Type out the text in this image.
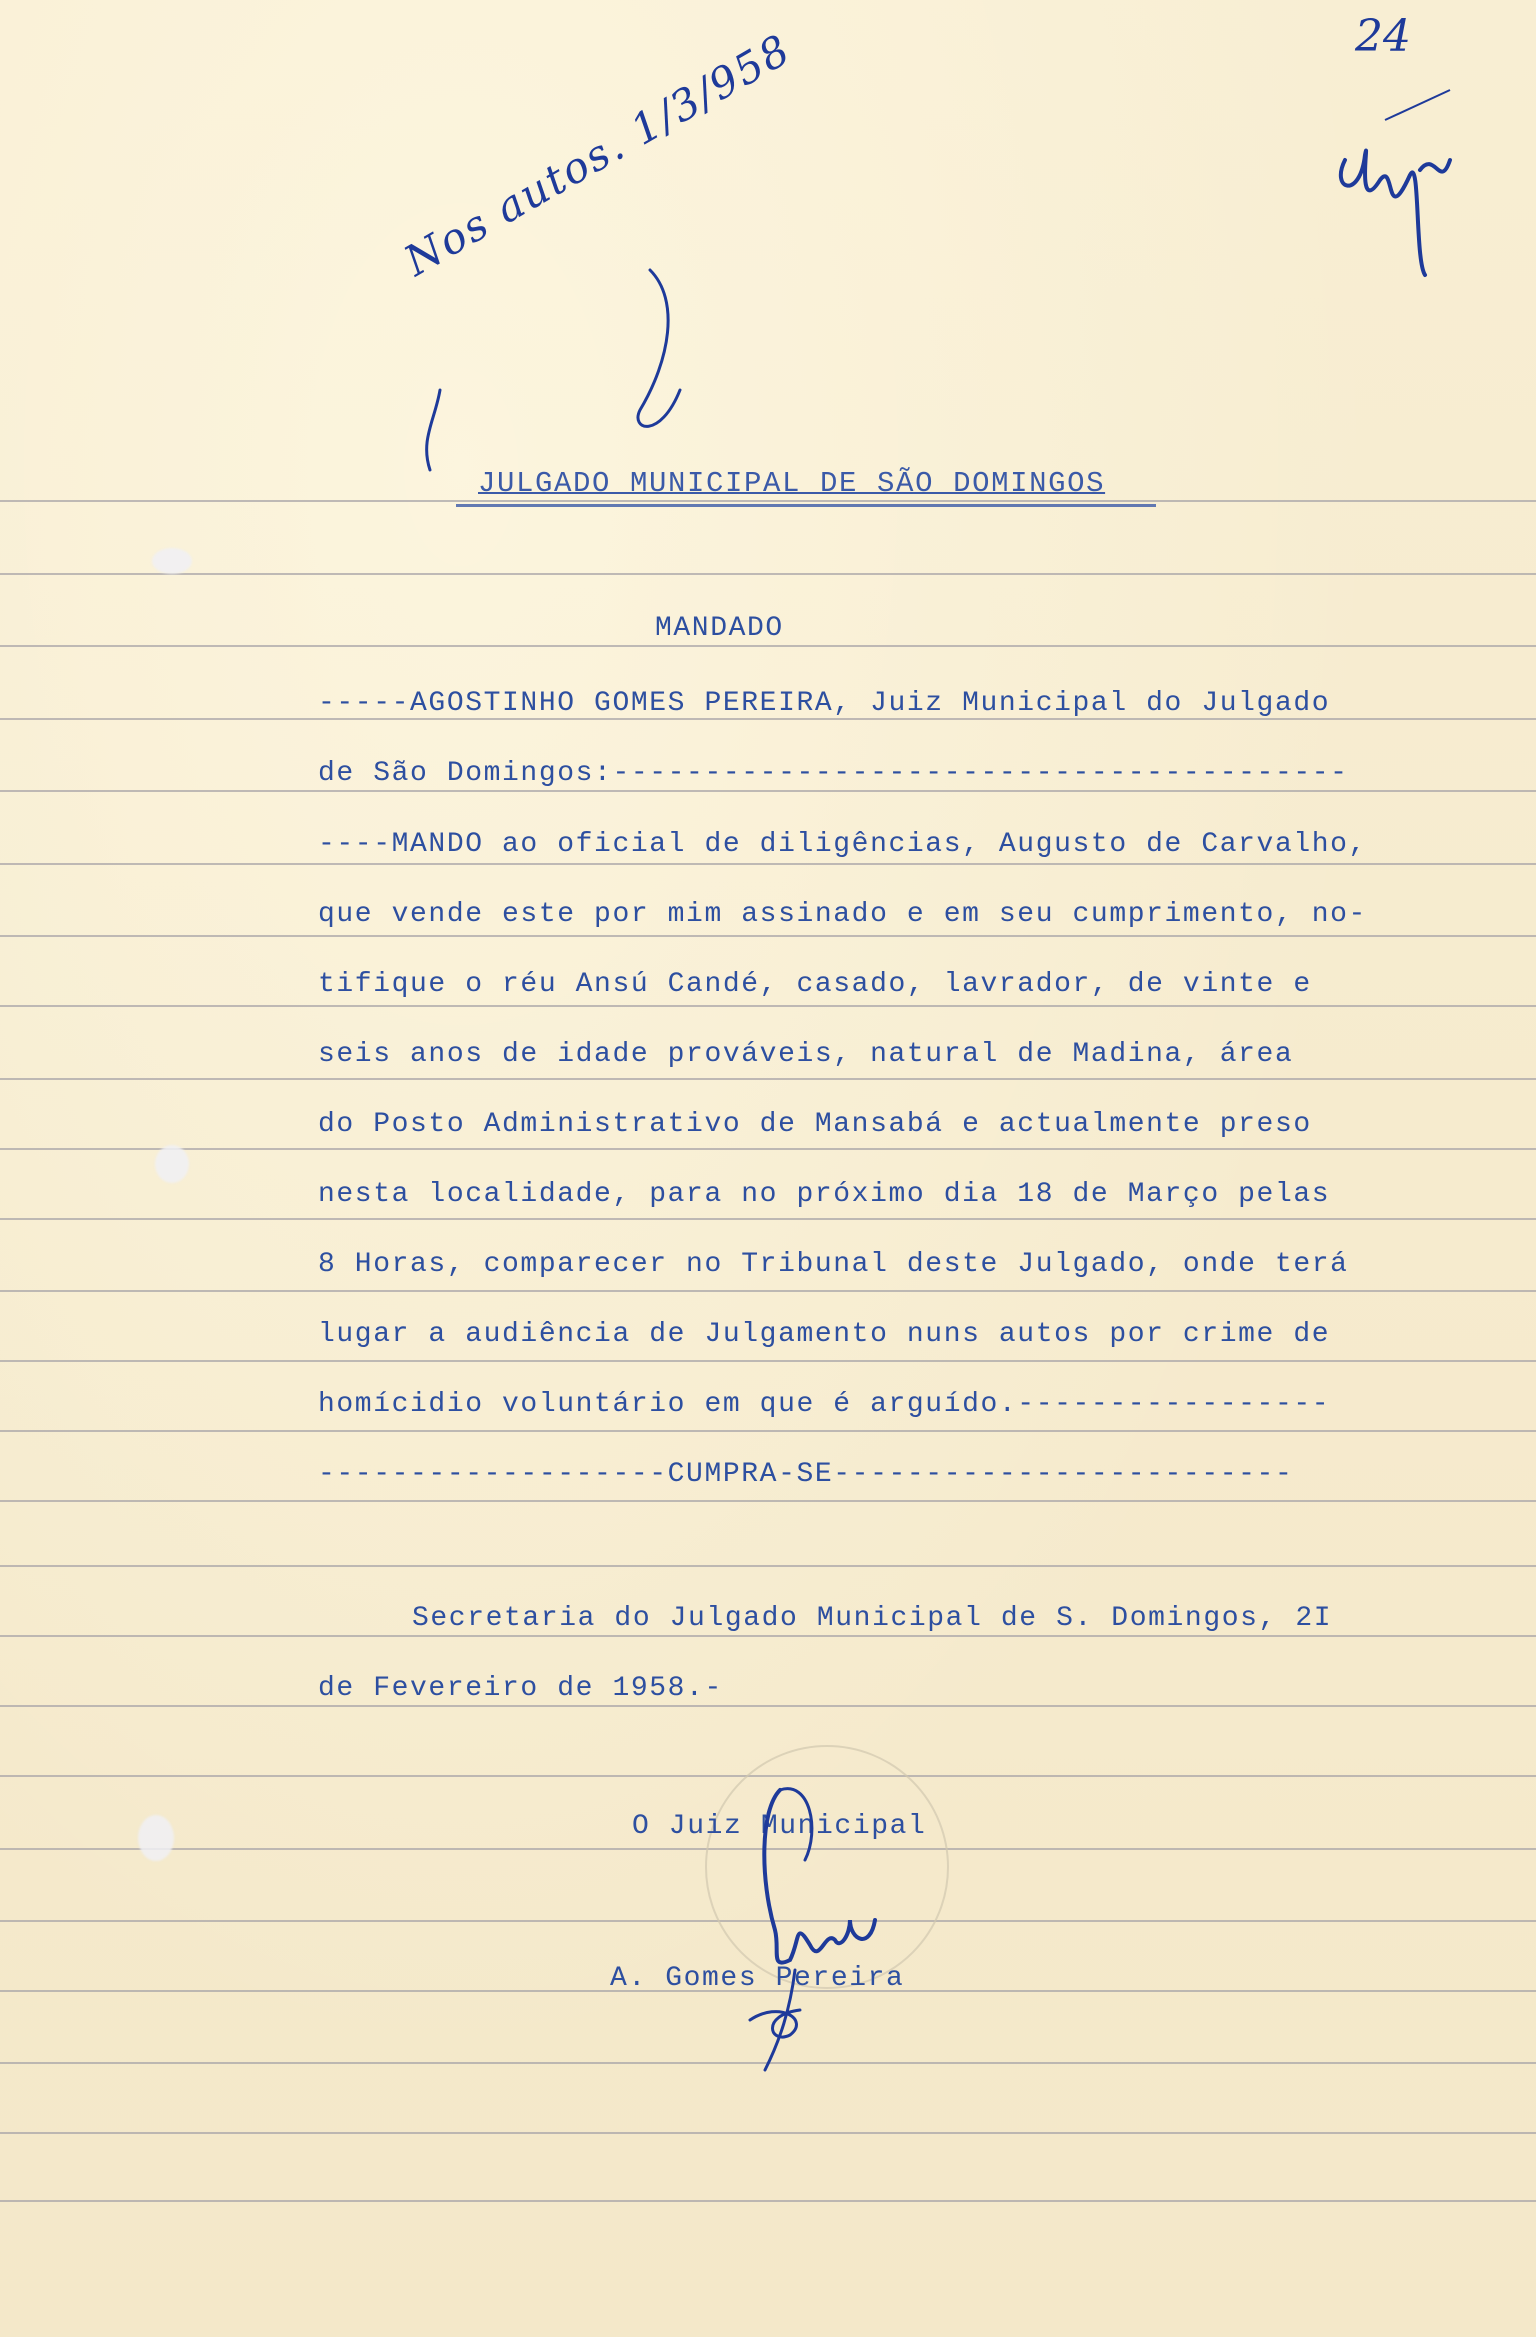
24
Nos autos. 1/3/958
JULGADO MUNICIPAL DE SÃO DOMINGOS
MANDADO
-----AGOSTINHO GOMES PEREIRA, Juiz Municipal do Julgado
de São Domingos:----------------------------------------
----MANDO ao oficial de diligências, Augusto de Carvalho,
que vende este por mim assinado e em seu cumprimento, no-
tifique o réu Ansú Candé, casado, lavrador, de vinte e
seis anos de idade prováveis, natural de Madina, área
do Posto Administrativo de Mansabá e actualmente preso
nesta localidade, para no próximo dia 18 de Março pelas
8 Horas, comparecer no Tribunal deste Julgado, onde terá
lugar a audiência de Julgamento nuns autos por crime de
homícidio voluntário em que é arguído.-----------------
-------------------CUMPRA-SE-------------------------
Secretaria do Julgado Municipal de S. Domingos, 2I
de Fevereiro de 1958.-
O Juiz Municipal
A. Gomes Pereira
